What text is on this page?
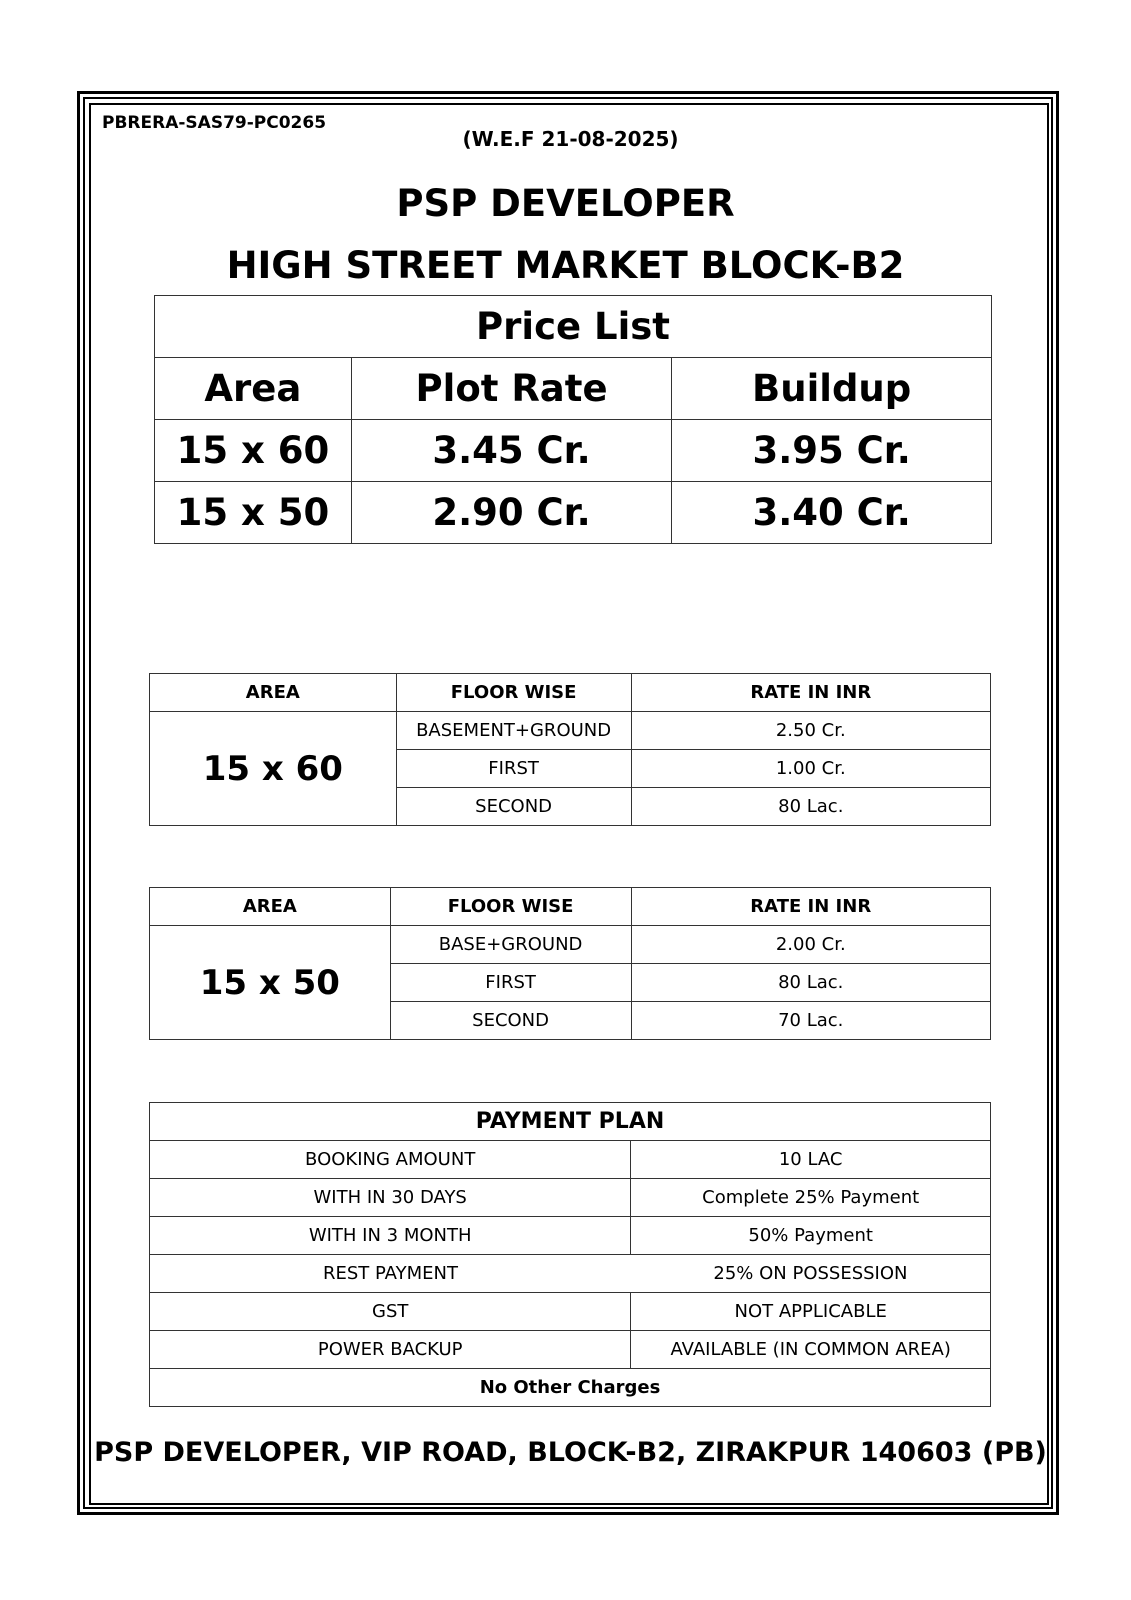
PBRERA-SAS79-PC0265
(W.E.F 21-08-2025)
PSP DEVELOPER
HIGH STREET MARKET BLOCK-B2
Price List		
Area	Plot Rate	Buildup
15 x 60	3.45 Cr.	3.95 Cr.
15 x 50	2.90 Cr.	3.40 Cr.
AREA	FLOOR WISE	RATE IN INR
15 x 60	BASEMENT+GROUND	2.50 Cr.
	FIRST	1.00 Cr.
	SECOND	80 Lac.
AREA	FLOOR WISE	RATE IN INR
15 x 50	BASE+GROUND	2.00 Cr.
	FIRST	80 Lac.
	SECOND	70 Lac.
PAYMENT PLAN	
BOOKING AMOUNT	10 LAC
WITH IN 30 DAYS	Complete 25% Payment
WITH IN 3 MONTH	50% Payment
REST PAYMENT	25% ON POSSESSION
GST	NOT APPLICABLE
POWER BACKUP	AVAILABLE (IN COMMON AREA)
No Other Charges	
PSP DEVELOPER, VIP ROAD, BLOCK-B2, ZIRAKPUR 140603 (PB)
